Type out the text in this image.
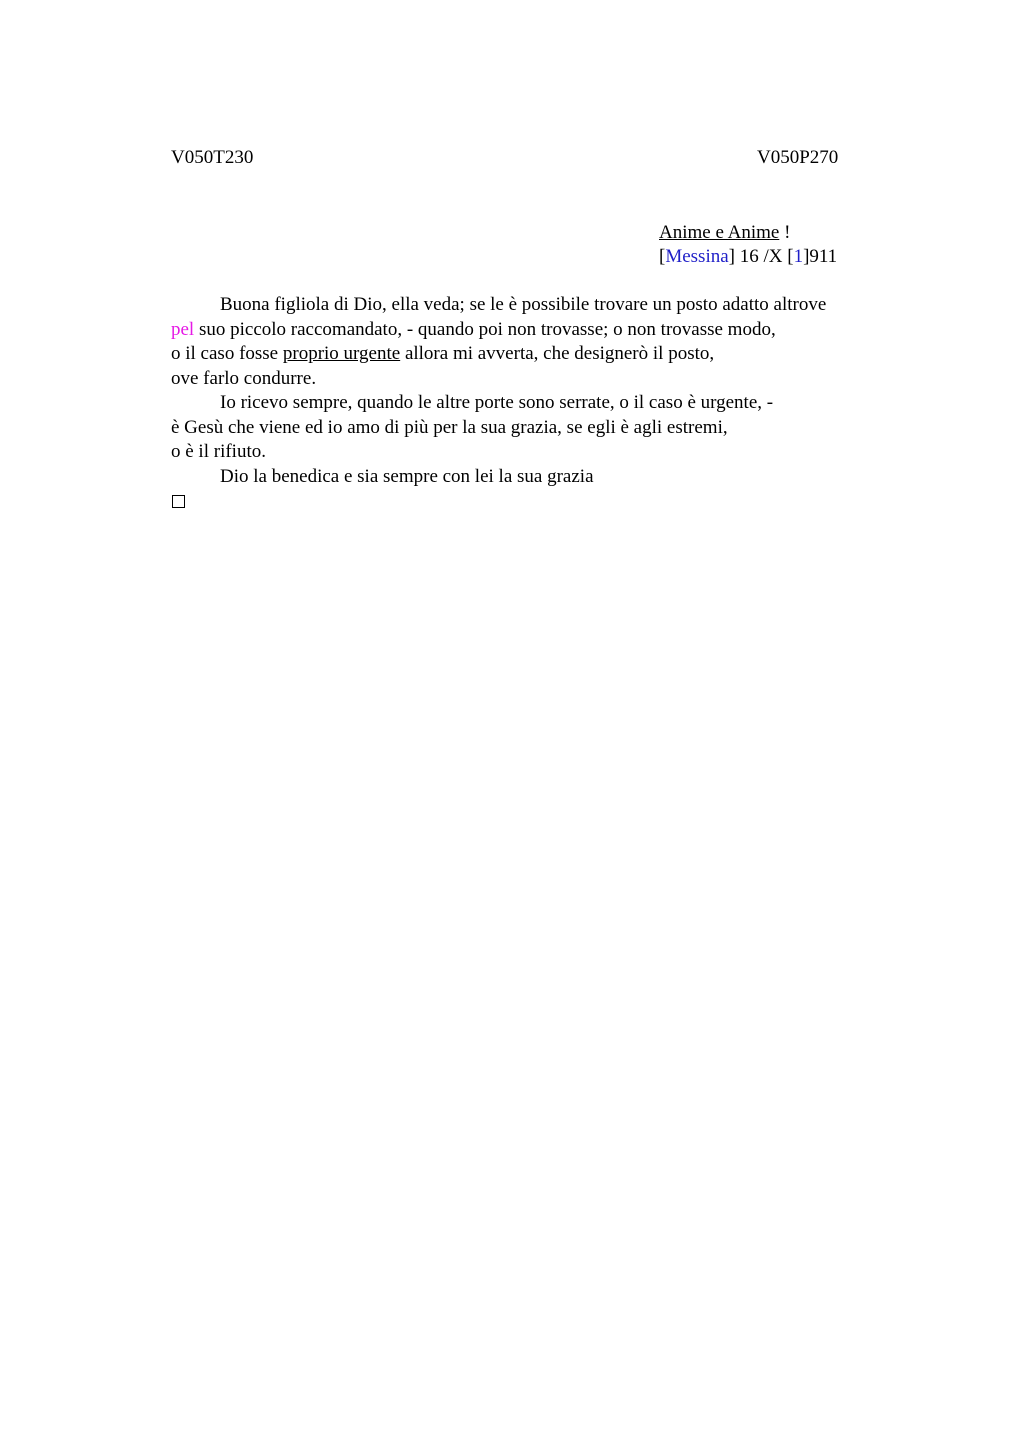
V050T230	V050P270
Anime e Anime !
[Messina] 16 /X [1]911
Buona figliola di Dio, ella veda; se le è possibile trovare un posto adatto altrove
pel suo piccolo raccomandato, - quando poi non trovasse; o non trovasse modo,
o il caso fosse proprio urgente allora mi avverta, che designerò il posto,
ove farlo condurre.
Io ricevo sempre, quando le altre porte sono serrate, o il caso è urgente, -
è Gesù che viene ed io amo di più per la sua grazia, se egli è agli estremi,
o è il rifiuto.
Dio la benedica e sia sempre con lei la sua grazia
